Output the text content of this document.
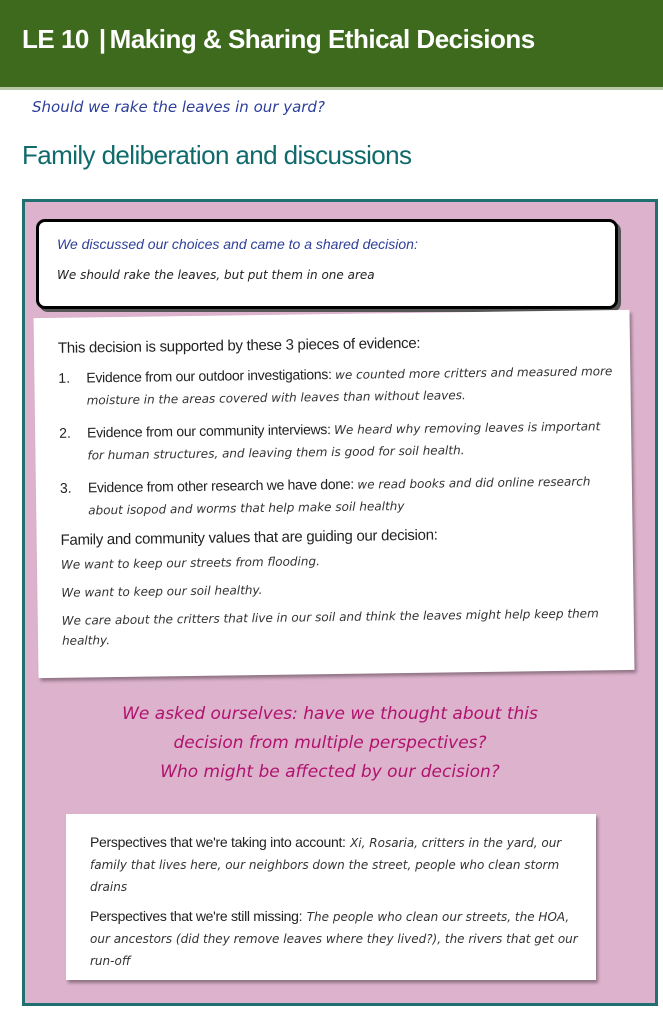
LE 10 | Making & Sharing Ethical Decisions
Should we rake the leaves in our yard?
Family deliberation and discussions
We discussed our choices and came to a shared decision:
We should rake the leaves, but put them in one area
This decision is supported by these 3 pieces of evidence:
1. Evidence from our outdoor investigations: we counted more critters and measured more moisture in the areas covered with leaves than without leaves.
2. Evidence from our community interviews: We heard why removing leaves is important for human structures, and leaving them is good for soil health.
3. Evidence from other research we have done: we read books and did online research about isopod and worms that help make soil healthy
Family and community values that are guiding our decision:
We want to keep our streets from flooding.
We want to keep our soil healthy.
We care about the critters that live in our soil and think the leaves might help keep them healthy.
We asked ourselves: have we thought about this
decision from multiple perspectives?
Who might be affected by our decision?
Perspectives that we're taking into account: Xi, Rosaria, critters in the yard, our family that lives here, our neighbors down the street, people who clean storm drains
Perspectives that we're still missing: The people who clean our streets, the HOA, our ancestors (did they remove leaves where they lived?), the rivers that get our run-off
